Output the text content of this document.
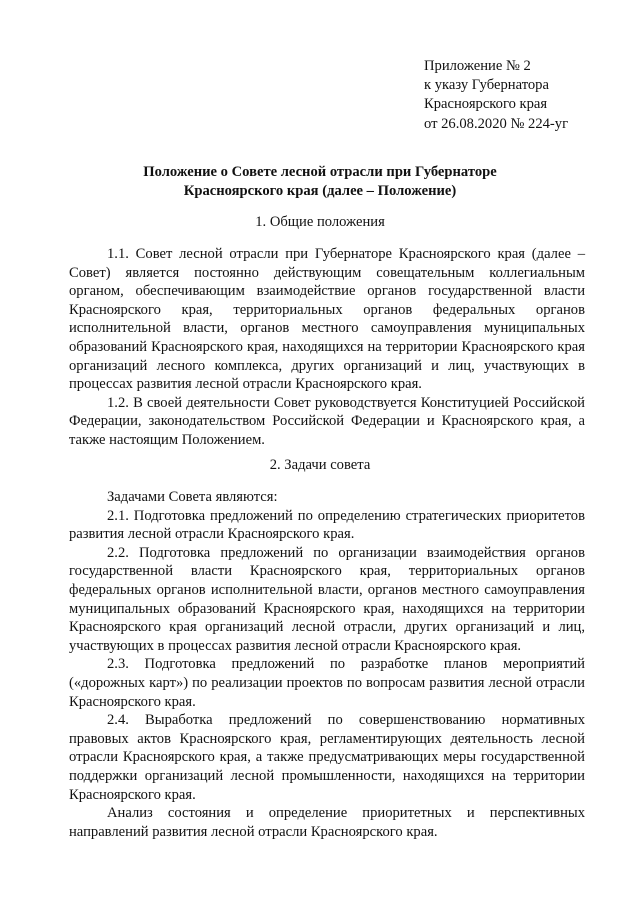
Приложение № 2
к указу Губернатора
Красноярского края
от 26.08.2020 № 224-уг
Положение о Совете лесной отрасли при Губернаторе
Красноярского края (далее – Положение)
1. Общие положения

1.1. Совет лесной отрасли при Губернаторе Красноярского края (далее – Совет) является постоянно действующим совещательным коллегиальным органом, обеспечивающим взаимодействие органов государственной власти Красноярского края, территориальных органов федеральных органов исполнительной власти, органов местного самоуправления муниципальных образований Красноярского края, находящихся на территории Красноярского края организаций лесного комплекса, других организаций и лиц, участвующих в процессах развития лесной отрасли Красноярского края.

1.2. В своей деятельности Совет руководствуется Конституцией Российской Федерации, законодательством Российской Федерации и Красноярского края, а также настоящим Положением.

2. Задачи совета

Задачами Совета являются:

2.1. Подготовка предложений по определению стратегических приоритетов развития лесной отрасли Красноярского края.

2.2. Подготовка предложений по организации взаимодействия органов государственной власти Красноярского края, территориальных органов федеральных органов исполнительной власти, органов местного самоуправления муниципальных образований Красноярского края, находящихся на территории Красноярского края организаций лесной отрасли, других организаций и лиц, участвующих в процессах развития лесной отрасли Красноярского края.

2.3. Подготовка предложений по разработке планов мероприятий («дорожных карт») по реализации проектов по вопросам развития лесной отрасли Красноярского края.

2.4. Выработка предложений по совершенствованию нормативных правовых актов Красноярского края, регламентирующих деятельность лесной отрасли Красноярского края, а также предусматривающих меры государственной поддержки организаций лесной промышленности, находящихся на территории Красноярского края.

Анализ состояния и определение приоритетных и перспективных направлений развития лесной отрасли Красноярского края.
